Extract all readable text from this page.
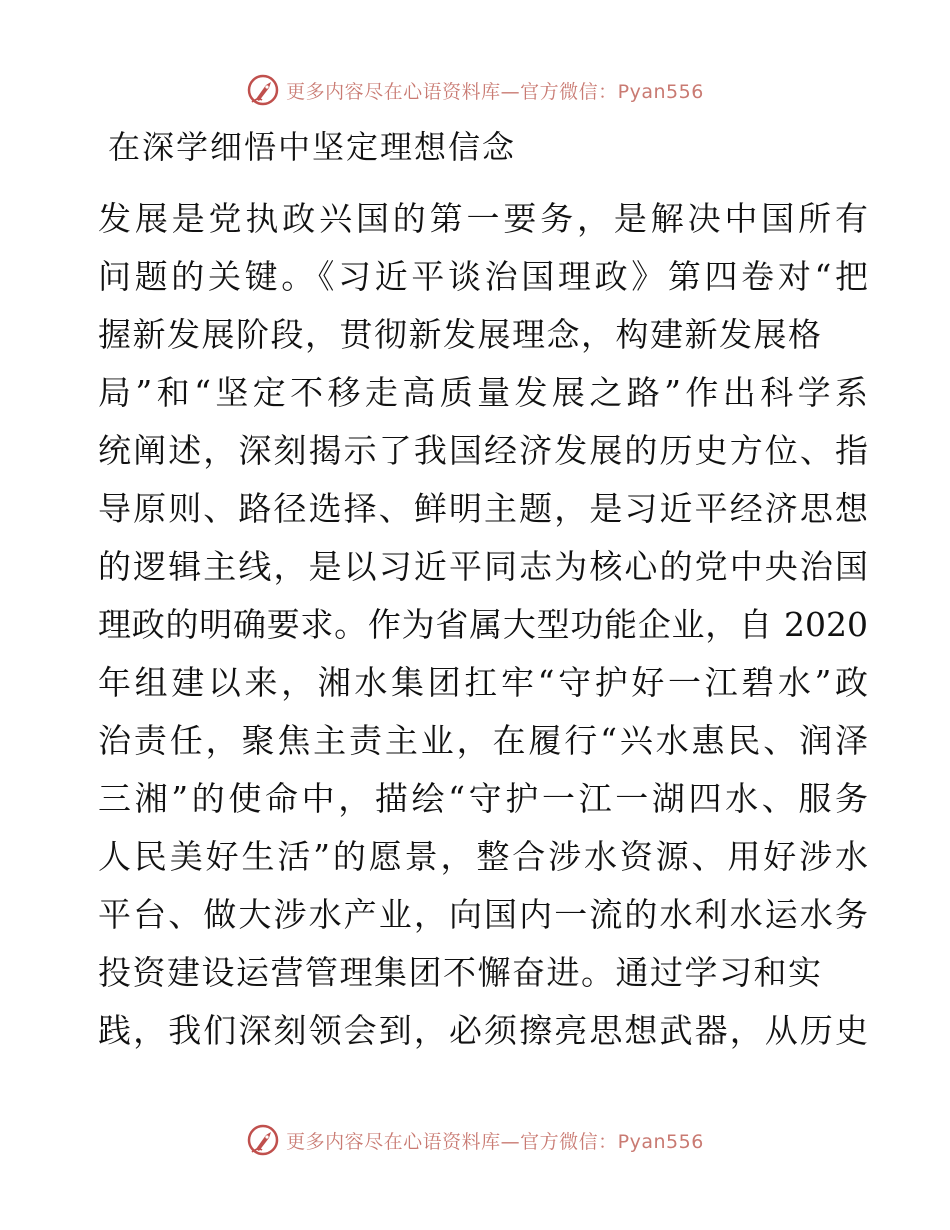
更多内容尽在心语资料库—官方微信：Pyan556
在深学细悟中坚定理想信念
发展是党执政兴国的第一要务，是解决中国所有
问题的关键。《习近平谈治国理政》第四卷对“把
握新发展阶段，贯彻新发展理念，构建新发展格
局”和“坚定不移走高质量发展之路”作出科学系
统阐述，深刻揭示了我国经济发展的历史方位、指
导原则、路径选择、鲜明主题，是习近平经济思想
的逻辑主线，是以习近平同志为核心的党中央治国
理政的明确要求。作为省属大型功能企业，自 2020
年组建以来，湘水集团扛牢“守护好一江碧水”政
治责任，聚焦主责主业，在履行“兴水惠民、润泽
三湘”的使命中，描绘“守护一江一湖四水、服务
人民美好生活”的愿景，整合涉水资源、用好涉水
平台、做大涉水产业，向国内一流的水利水运水务
投资建设运营管理集团不懈奋进。通过学习和实
践，我们深刻领会到，必须擦亮思想武器，从历史
更多内容尽在心语资料库—官方微信：Pyan556
